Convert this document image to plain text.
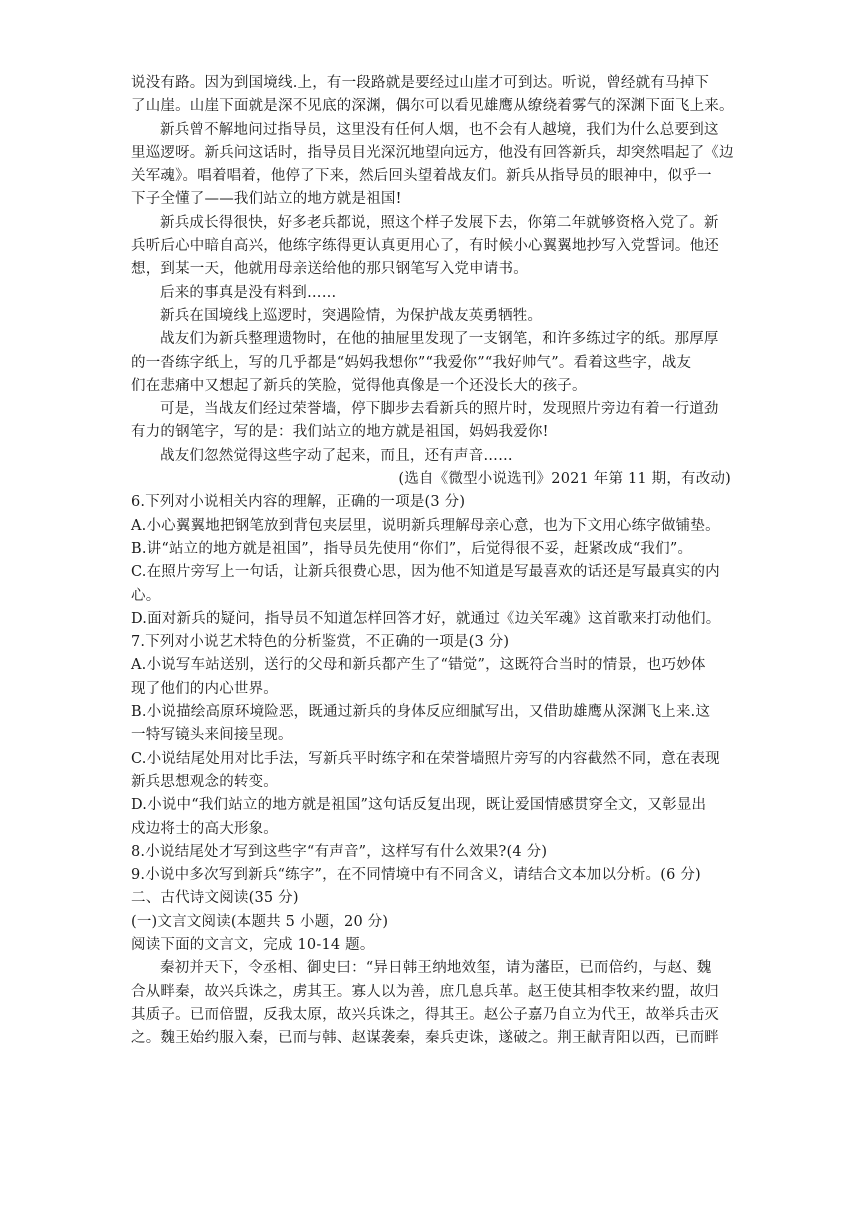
说没有路。因为到国境线.上，有一段路就是要经过山崖才可到达。听说，曾经就有马掉下
了山崖。山崖下面就是深不见底的深渊，偶尔可以看见雄鹰从缭绕着雾气的深渊下面飞上来。
新兵曾不解地问过指导员，这里没有任何人烟，也不会有人越境，我们为什么总要到这
里巡逻呀。新兵问这话时，指导员目光深沉地望向远方，他没有回答新兵，却突然唱起了《边
关军魂》。唱着唱着，他停了下来，然后回头望着战友们。新兵从指导员的眼神中，似乎一
下子全懂了——我们站立的地方就是祖国!
新兵成长得很快，好多老兵都说，照这个样子发展下去，你第二年就够资格入党了。新
兵听后心中暗自高兴，他练字练得更认真更用心了，有时候小心翼翼地抄写入党誓词。他还
想，到某一天，他就用母亲送给他的那只钢笔写入党申请书。
后来的事真是没有料到……
新兵在国境线上巡逻时，突遇险情，为保护战友英勇牺牲。
战友们为新兵整理遗物时，在他的抽屉里发现了一支钢笔，和许多练过字的纸。那厚厚
的一沓练字纸上，写的几乎都是“妈妈我想你”“我爱你”“我好帅气”。看着这些字，战友
们在悲痛中又想起了新兵的笑脸，觉得他真像是一个还没长大的孩子。
可是，当战友们经过荣誉墙，停下脚步去看新兵的照片时，发现照片旁边有着一行道劲
有力的钢笔字，写的是：我们站立的地方就是祖国，妈妈我爱你!
战友们忽然觉得这些字动了起来，而且，还有声音……
(选自《微型小说选刊》2021 年第 11 期，有改动)
6.下列对小说相关内容的理解，正确的一项是(3 分)
A.小心翼翼地把钢笔放到背包夹层里，说明新兵理解母亲心意，也为下文用心练字做铺垫。
B.讲“站立的地方就是祖国”，指导员先使用“你们”，后觉得很不妥，赶紧改成“我们”。
C.在照片旁写上一句话，让新兵很费心思，因为他不知道是写最喜欢的话还是写最真实的内
心。
D.面对新兵的疑问，指导员不知道怎样回答才好，就通过《边关军魂》这首歌来打动他们。
7.下列对小说艺术特色的分析鉴赏，不正确的一项是(3 分)
A.小说写车站送别，送行的父母和新兵都产生了“错觉”，这既符合当时的情景，也巧妙体
现了他们的内心世界。
B.小说描绘高原环境险恶，既通过新兵的身体反应细腻写出，又借助雄鹰从深渊飞上来.这
一特写镜头来间接呈现。
C.小说结尾处用对比手法，写新兵平时练字和在荣誉墙照片旁写的内容截然不同，意在表现
新兵思想观念的转变。
D.小说中“我们站立的地方就是祖国”这句话反复出现，既让爱国情感贯穿全文，又彰显出
戍边将士的高大形象。
8.小说结尾处才写到这些字“有声音”，这样写有什么效果?(4 分)
9.小说中多次写到新兵“练字”，在不同情境中有不同含义，请结合文本加以分析。(6 分)
二、古代诗文阅读(35 分)
(一)文言文阅读(本题共 5 小题，20 分)
阅读下面的文言文，完成 10-14 题。
秦初并天下，令丞相、御史曰：“异日韩王纳地效玺，请为藩臣，已而倍约，与赵、魏
合从畔秦，故兴兵诛之，虏其王。寡人以为善，庶几息兵革。赵王使其相李牧来约盟，故归
其质子。已而倍盟，反我太原，故兴兵诛之，得其王。赵公子嘉乃自立为代王，故举兵击灭
之。魏王始约服入秦，已而与韩、赵谋袭秦，秦兵吏诛，遂破之。荆王献青阳以西，已而畔
